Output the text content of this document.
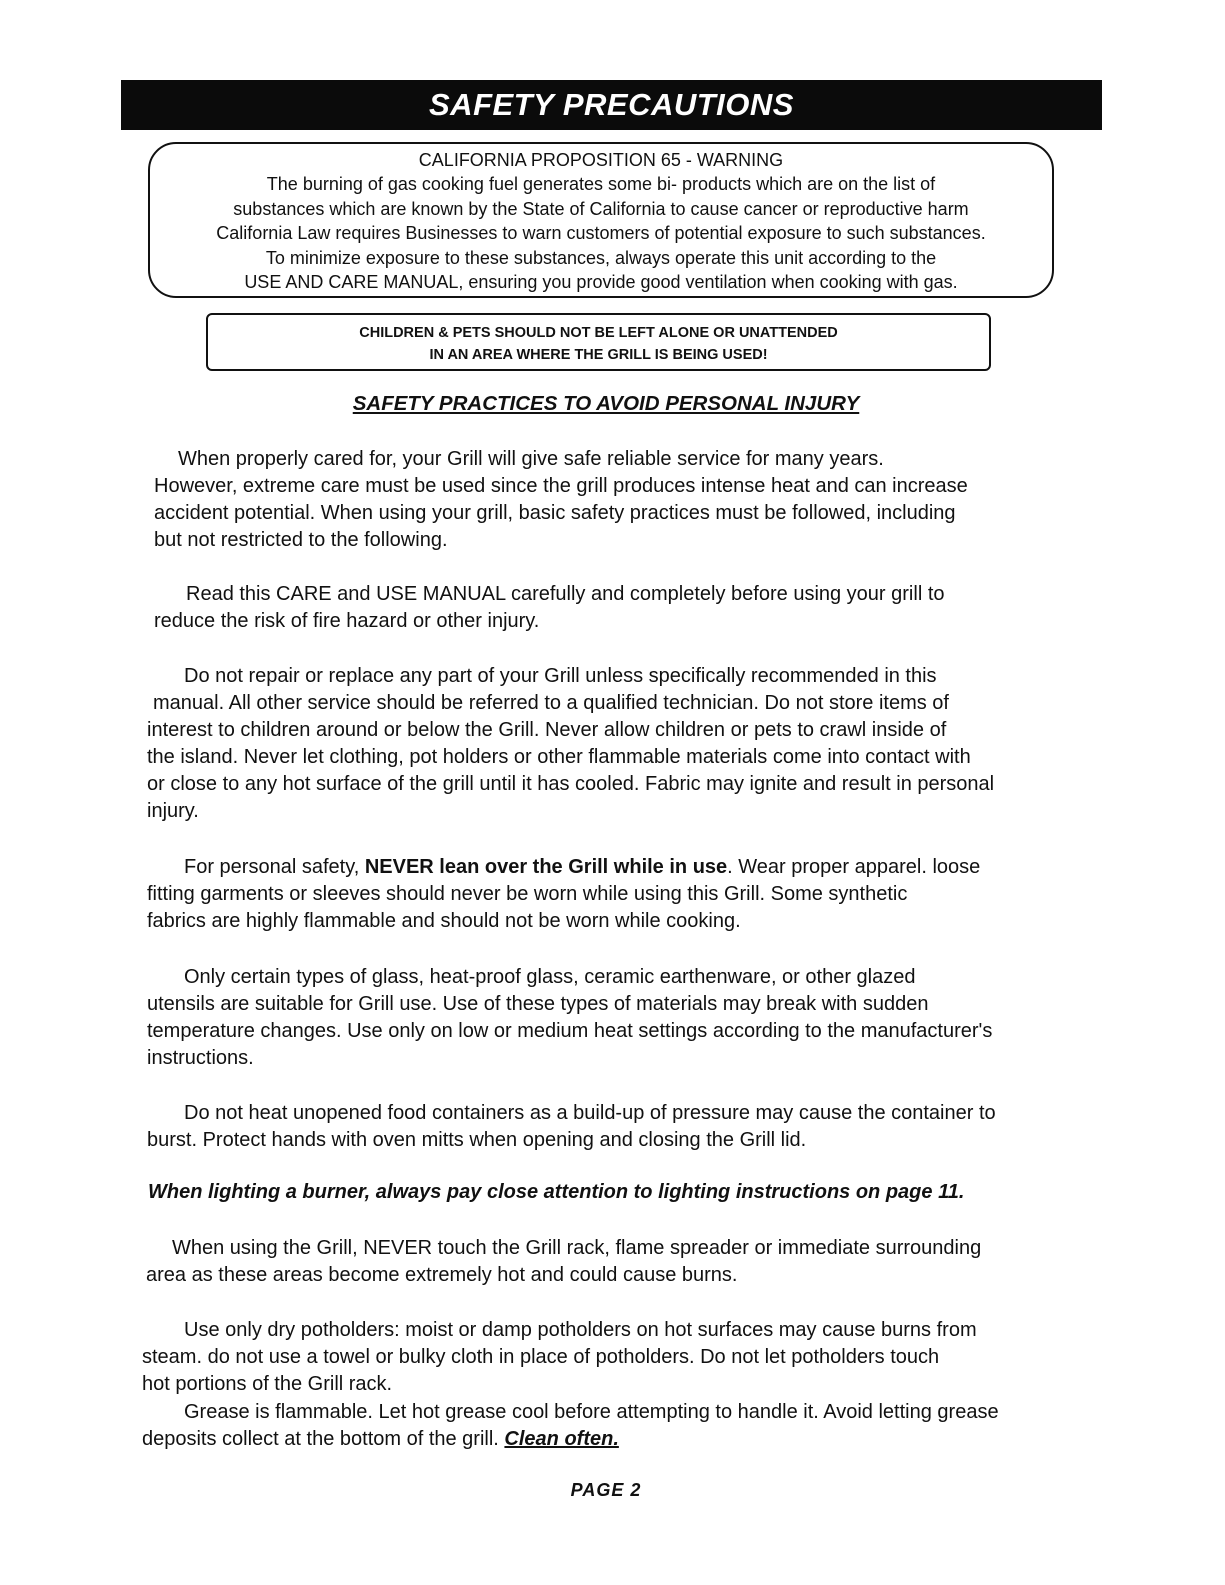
SAFETY PRECAUTIONS
CALIFORNIA PROPOSITION 65 - WARNING
The burning of gas cooking fuel generates some bi- products which are on the list of
substances which are known by the State of California to cause cancer or reproductive harm
California Law requires Businesses to warn customers of potential exposure to such substances.
To minimize exposure to these substances, always operate this unit according to the
USE AND CARE MANUAL, ensuring you provide good ventilation when cooking with gas.
CHILDREN & PETS SHOULD NOT BE LEFT ALONE OR UNATTENDED
IN AN AREA WHERE THE GRILL IS BEING USED!
SAFETY PRACTICES TO AVOID PERSONAL INJURY
When properly cared for, your Grill will give safe reliable service for many years.
However, extreme care must be used since the grill produces intense heat and can increase
accident potential. When using your grill, basic safety practices must be followed, including
but not restricted to the following.
Read this CARE and USE MANUAL carefully and completely before using your grill to
reduce the risk of fire hazard or other injury.
Do not repair or replace any part of your Grill unless specifically recommended in this
manual. All other service should be referred to a qualified technician. Do not store items of
interest to children around or below the Grill. Never allow children or pets to crawl inside of
the island. Never let clothing, pot holders or other flammable materials come into contact with
or close to any hot surface of the grill until it has cooled. Fabric may ignite and result in personal
injury.
For personal safety, NEVER lean over the Grill while in use. Wear proper apparel. loose
fitting garments or sleeves should never be worn while using this Grill. Some synthetic
fabrics are highly flammable and should not be worn while cooking.
Only certain types of glass, heat-proof glass, ceramic earthenware, or other glazed
utensils are suitable for Grill use. Use of these types of materials may break with sudden
temperature changes. Use only on low or medium heat settings according to the manufacturer's
instructions.
Do not heat unopened food containers as a build-up of pressure may cause the container to
burst. Protect hands with oven mitts when opening and closing the Grill lid.
When lighting a burner, always pay close attention to lighting instructions on page 11.
When using the Grill, NEVER touch the Grill rack, flame spreader or immediate surrounding
area as these areas become extremely hot and could cause burns.
Use only dry potholders: moist or damp potholders on hot surfaces may cause burns from
steam. do not use a towel or bulky cloth in place of potholders. Do not let potholders touch
hot portions of the Grill rack.
Grease is flammable. Let hot grease cool before attempting to handle it. Avoid letting grease
deposits collect at the bottom of the grill. Clean often.
PAGE 2
